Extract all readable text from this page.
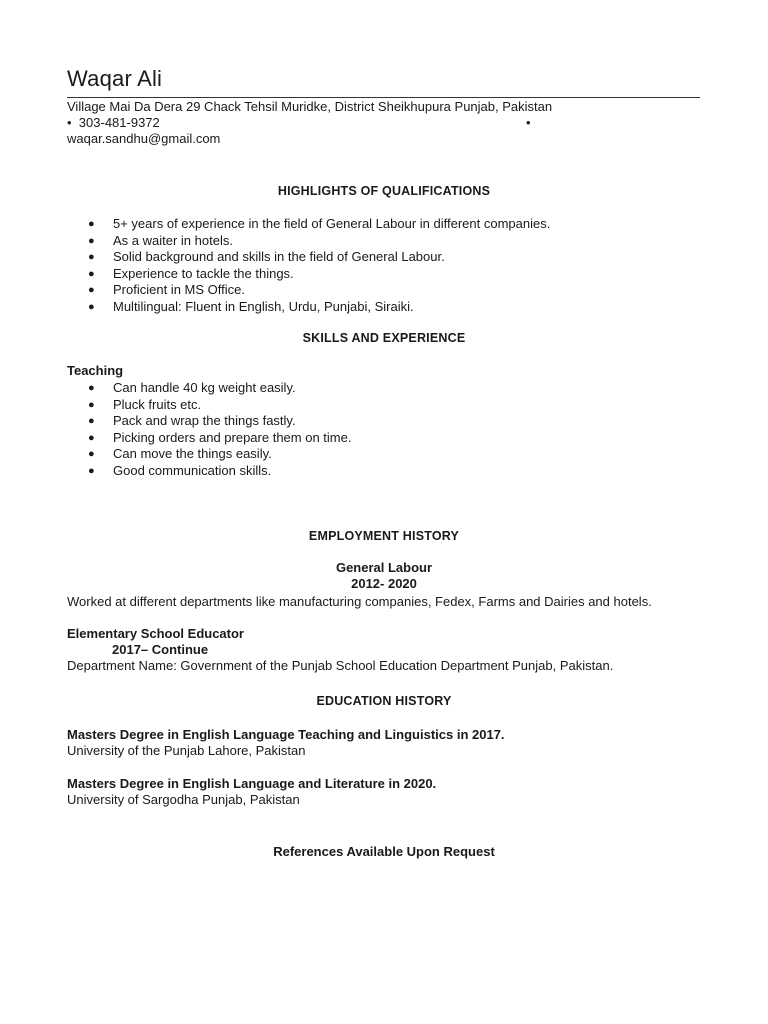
Waqar Ali
Village Mai Da Dera 29 Chack Tehsil Muridke, District Sheikhupura Punjab, Pakistan
• 303-481-9372	•
waqar.sandhu@gmail.com
HIGHLIGHTS OF QUALIFICATIONS
● 5+ years of experience in the field of General Labour in different companies.
● As a waiter in hotels.
● Solid background and skills in the field of General Labour.
● Experience to tackle the things.
● Proficient in MS Office.
● Multilingual: Fluent in English, Urdu, Punjabi, Siraiki.
SKILLS AND EXPERIENCE
Teaching
● Can handle 40 kg weight easily.
● Pluck fruits etc.
● Pack and wrap the things fastly.
● Picking orders and prepare them on time.
● Can move the things easily.
● Good communication skills.
EMPLOYMENT HISTORY
General Labour
2012- 2020
Worked at different departments like manufacturing companies, Fedex, Farms and Dairies and hotels.
Elementary School Educator
2017– Continue
Department Name: Government of the Punjab School Education Department Punjab, Pakistan.
EDUCATION HISTORY
Masters Degree in English Language Teaching and Linguistics in 2017.
University of the Punjab Lahore, Pakistan
Masters Degree in English Language and Literature in 2020.
University of Sargodha Punjab, Pakistan
References Available Upon Request
